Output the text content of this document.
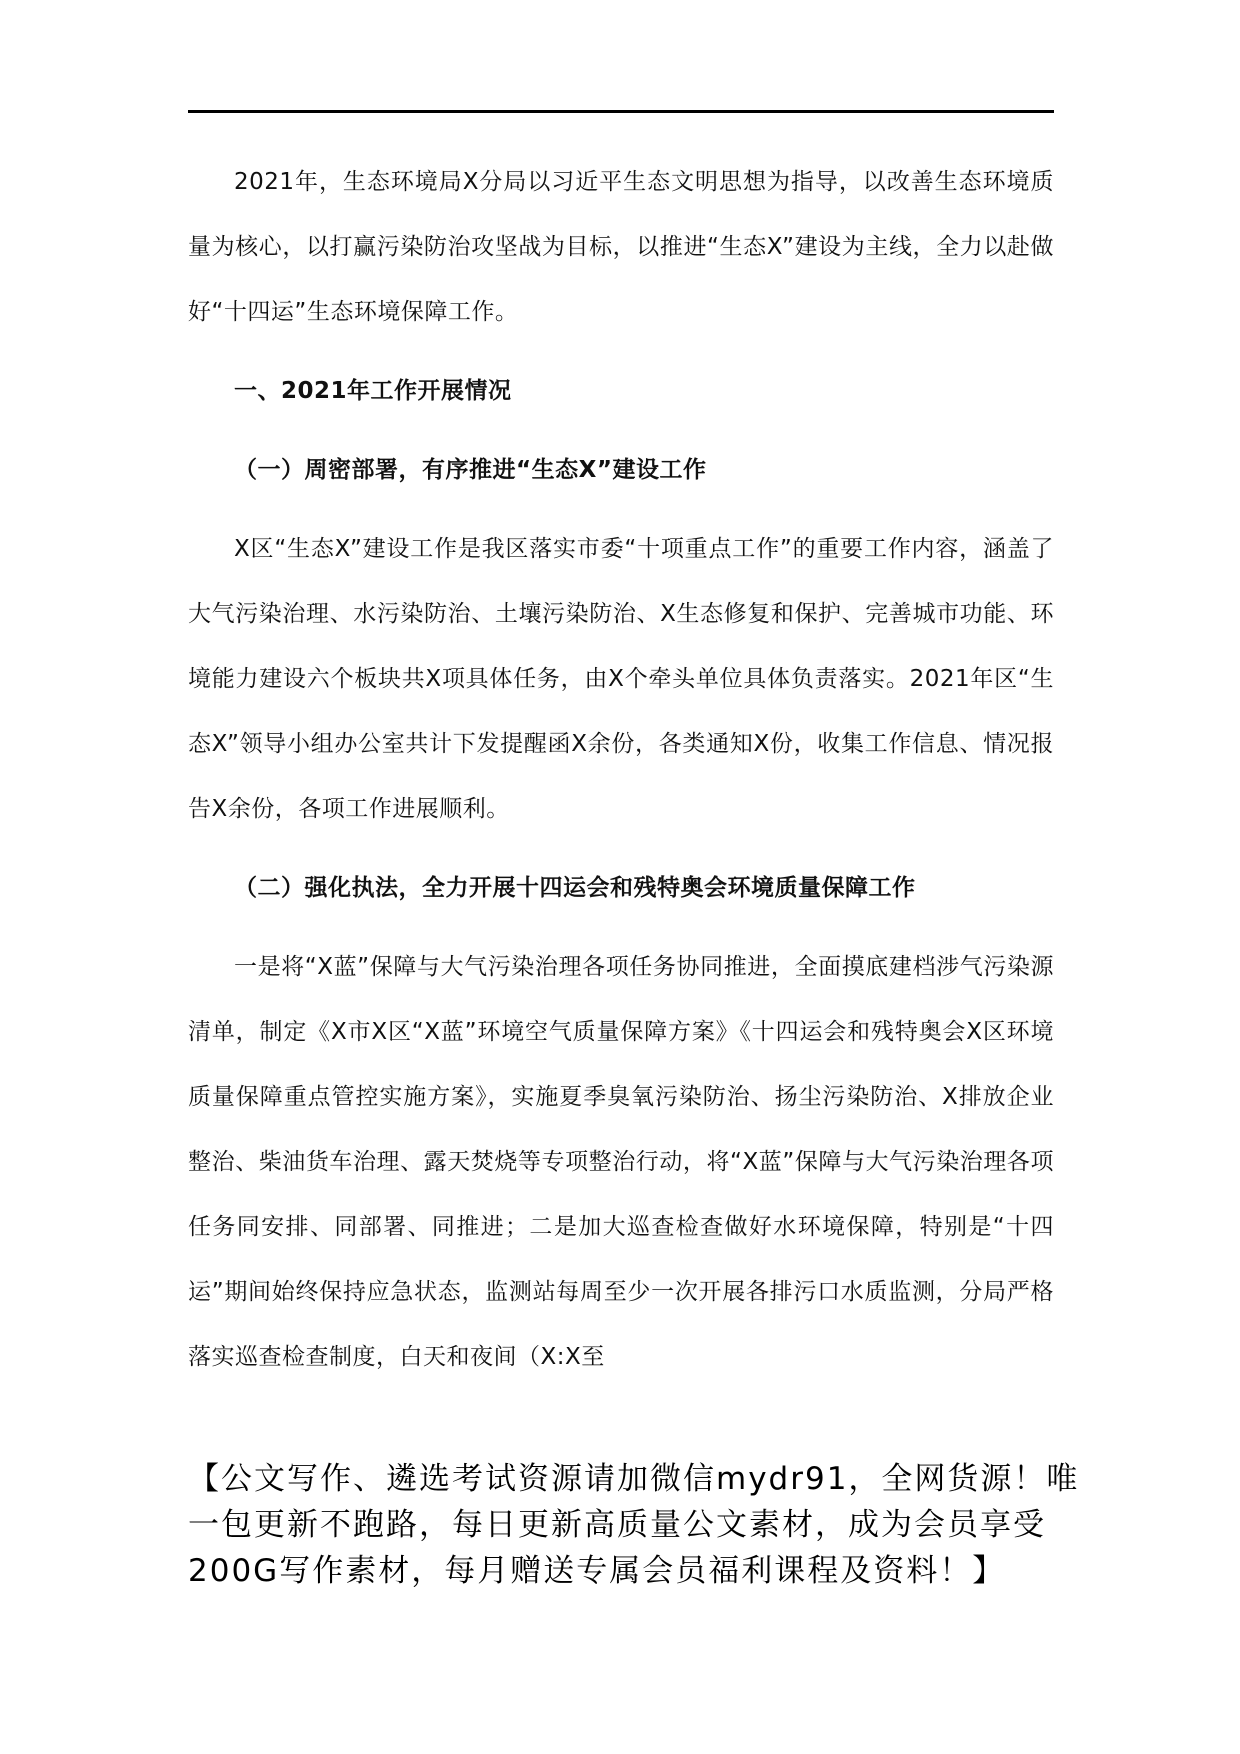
2021年，生态环境局X分局以习近平生态文明思想为指导，以改善生态环境质量为核心，以打赢污染防治攻坚战为目标，以推进“生态X”建设为主线，全力以赴做好“十四运”生态环境保障工作。

一、2021年工作开展情况

（一）周密部署，有序推进“生态X”建设工作

X区“生态X”建设工作是我区落实市委“十项重点工作”的重要工作内容，涵盖了大气污染治理、水污染防治、土壤污染防治、X生态修复和保护、完善城市功能、环境能力建设六个板块共X项具体任务，由X个牵头单位具体负责落实。2021年区“生态X”领导小组办公室共计下发提醒函X余份，各类通知X份，收集工作信息、情况报告X余份，各项工作进展顺利。

（二）强化执法，全力开展十四运会和残特奥会环境质量保障工作

一是将“X蓝”保障与大气污染治理各项任务协同推进，全面摸底建档涉气污染源清单，制定《X市X区“X蓝”环境空气质量保障方案》《十四运会和残特奥会X区环境质量保障重点管控实施方案》，实施夏季臭氧污染防治、扬尘污染防治、X排放企业整治、柴油货车治理、露天焚烧等专项整治行动，将“X蓝”保障与大气污染治理各项任务同安排、同部署、同推进；二是加大巡查检查做好水环境保障，特别是“十四运”期间始终保持应急状态，监测站每周至少一次开展各排污口水质监测，分局严格落实巡查检查制度，白天和夜间（X:X至

【公文写作、遴选考试资源请加微信mydr91，全网货源！唯一包更新不跑路，每日更新高质量公文素材，成为会员享受200G写作素材，每月赠送专属会员福利课程及资料！】
